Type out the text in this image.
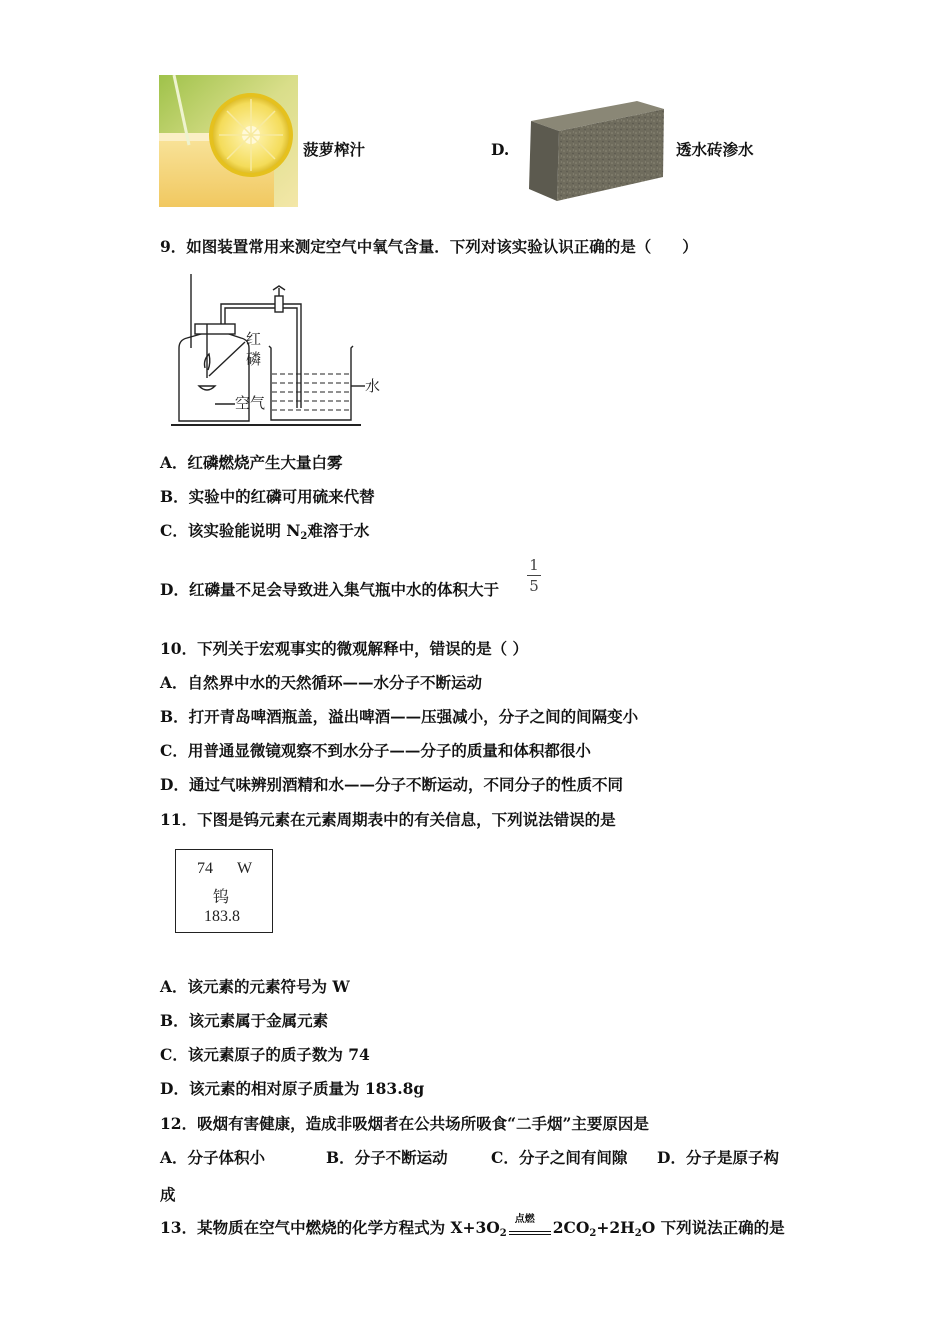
菠萝榨汁	D.	透水砖渗水
9．如图装置常用来测定空气中氧气含量．下列对该实验认识正确的是（　　）
红
磷
空气
水
A．红磷燃烧产生大量白雾
B．实验中的红磷可用硫来代替
C．该实验能说明 $N_2$难溶于水
D．红磷量不足会导致进入集气瓶中水的体积大于
1
5
10．下列关于宏观事实的微观解释中，错误的是（ ）
A．自然界中水的天然循环——水分子不断运动
B．打开青岛啤酒瓶盖，溢出啤酒——压强减小，分子之间的间隔变小
C．用普通显微镜观察不到水分子——分子的质量和体积都很小
D．通过气味辨别酒精和水——分子不断运动，不同分子的性质不同
11．下图是钨元素在元素周期表中的有关信息，下列说法错误的是
74 W
钨
183.8
A．该元素的元素符号为 W
B．该元素属于金属元素
C．该元素原子的质子数为 74
D．该元素的相对原子质量为 183.8g
12．吸烟有害健康，造成非吸烟者在公共场所吸食“二手烟”主要原因是
A．分子体积小	B．分子不断运动	C．分子之间有间隙 D．分子是原子构
成
13．某物质在空气中燃烧的化学方程式为 $X+3O_2$
点燃 $2CO_2+2H_2O$ 下列说法正确的是
